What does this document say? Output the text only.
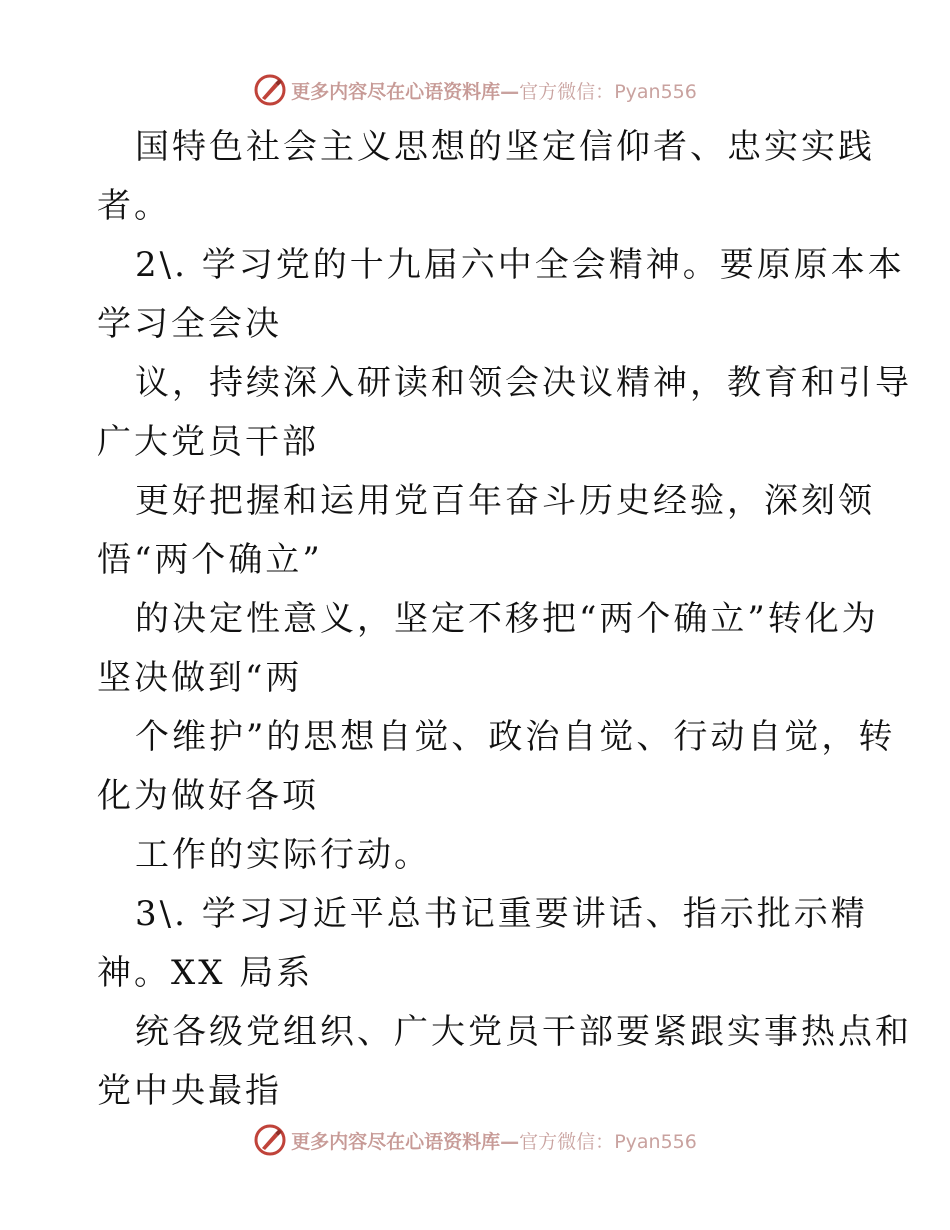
更多内容尽在心语资料库—官方微信：Pyan556
国特色社会主义思想的坚定信仰者、忠实实践
者。
2\. 学习党的十九届六中全会精神。要原原本本
学习全会决
议，持续深入研读和领会决议精神，教育和引导
广大党员干部
更好把握和运用党百年奋斗历史经验，深刻领
悟“两个确立”
的决定性意义，坚定不移把“两个确立”转化为
坚决做到“两
个维护”的思想自觉、政治自觉、行动自觉，转
化为做好各项
工作的实际行动。
3\. 学习习近平总书记重要讲话、指示批示精
神。XX 局系
统各级党组织、广大党员干部要紧跟实事热点和
党中央最指
更多内容尽在心语资料库—官方微信：Pyan556
